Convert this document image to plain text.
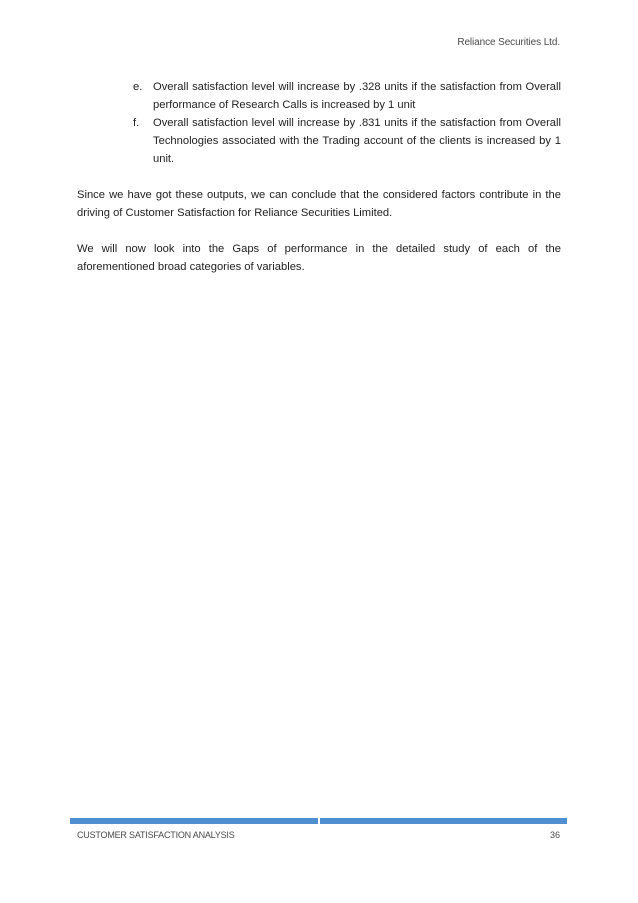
Reliance Securities Ltd.
e. Overall satisfaction level will increase by .328 units if the satisfaction from Overall performance of Research Calls is increased by 1 unit
f. Overall satisfaction level will increase by .831 units if the satisfaction from Overall Technologies associated with the Trading account of the clients is increased by 1 unit.

Since we have got these outputs, we can conclude that the considered factors contribute in the driving of Customer Satisfaction for Reliance Securities Limited.

We will now look into the Gaps of performance in the detailed study of each of the aforementioned broad categories of variables.

CUSTOMER SATISFACTION ANALYSIS	36
